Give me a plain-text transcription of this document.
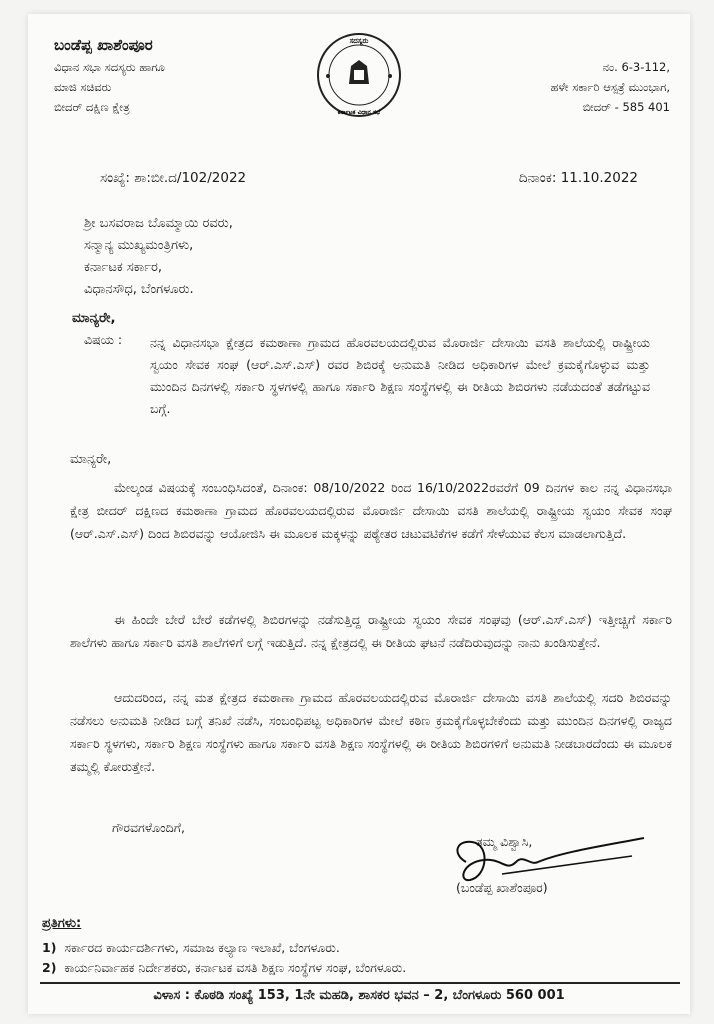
ಬಂಡೆಪ್ಪ ಖಾಶೆಂಪೂರ
ವಿಧಾನ ಸಭಾ ಸದಸ್ಯರು ಹಾಗೂ
ಮಾಜಿ ಸಚಿವರು
ಬೀದರ್ ದಕ್ಷಿಣ ಕ್ಷೇತ್ರ
ಸದಸ್ಯರು
ಕರ್ನಾಟಕ ವಿಧಾನ ಸಭೆ
ನಂ. 6-3-112,
ಹಳೇ ಸರ್ಕಾರಿ ಆಸ್ಪತ್ರೆ ಮುಂಭಾಗ,
ಬೀದರ್ - 585 401
ಸಂಖ್ಯೆ: ಶಾ:ಬೀ.ದ/102/2022	ದಿನಾಂಕ: 11.10.2022
ಶ್ರೀ ಬಸವರಾಜ ಬೊಮ್ಮಾಯಿ ರವರು,
ಸನ್ಮಾನ್ಯ ಮುಖ್ಯಮಂತ್ರಿಗಳು,
ಕರ್ನಾಟಕ ಸರ್ಕಾರ,
ವಿಧಾನಸೌಧ, ಬೆಂಗಳೂರು.
ಮಾನ್ಯರೇ,
ವಿಷಯ : ನನ್ನ ವಿಧಾನಸಭಾ ಕ್ಷೇತ್ರದ ಕಮಠಾಣಾ ಗ್ರಾಮದ ಹೊರವಲಯದಲ್ಲಿರುವ ಮೊರಾರ್ಜಿ ದೇಸಾಯಿ ವಸತಿ ಶಾಲೆಯಲ್ಲಿ ರಾಷ್ಟ್ರೀಯ ಸ್ವಯಂ ಸೇವಕ ಸಂಘ (ಆರ್.ಎಸ್.ಎಸ್) ರವರ ಶಿಬಿರಕ್ಕೆ ಅನುಮತಿ ನೀಡಿದ ಅಧಿಕಾರಿಗಳ ಮೇಲೆ ಕ್ರಮಕೈಗೊಳ್ಳುವ ಮತ್ತು ಮುಂದಿನ ದಿನಗಳಲ್ಲಿ ಸರ್ಕಾರಿ ಸ್ಥಳಗಳಲ್ಲಿ ಹಾಗೂ ಸರ್ಕಾರಿ ಶಿಕ್ಷಣ ಸಂಸ್ಥೆಗಳಲ್ಲಿ ಈ ರೀತಿಯ ಶಿಬಿರಗಳು ನಡೆಯದಂತೆ ತಡೆಗಟ್ಟುವ ಬಗ್ಗೆ.
ಮಾನ್ಯರೇ,
ಮೇಲ್ಕಂಡ ವಿಷಯಕ್ಕೆ ಸಂಬಂಧಿಸಿದಂತೆ, ದಿನಾಂಕ: 08/10/2022 ರಿಂದ 16/10/2022ರವರೆಗೆ 09 ದಿನಗಳ ಕಾಲ ನನ್ನ ವಿಧಾನಸಭಾ ಕ್ಷೇತ್ರ ಬೀದರ್ ದಕ್ಷಿಣದ ಕಮಠಾಣಾ ಗ್ರಾಮದ ಹೊರವಲಯದಲ್ಲಿರುವ ಮೊರಾರ್ಜಿ ದೇಸಾಯಿ ವಸತಿ ಶಾಲೆಯಲ್ಲಿ ರಾಷ್ಟ್ರೀಯ ಸ್ವಯಂ ಸೇವಕ ಸಂಘ (ಆರ್.ಎಸ್.ಎಸ್) ದಿಂದ ಶಿಬಿರವನ್ನು ಆಯೋಜಿಸಿ ಈ ಮೂಲಕ ಮಕ್ಕಳನ್ನು ಪಠ್ಯೇತರ ಚಟುವಟಿಕೆಗಳ ಕಡೆಗೆ ಸೇಳೆಯುವ ಕೆಲಸ ಮಾಡಲಾಗುತ್ತಿದೆ.
ಈ ಹಿಂದೇ ಬೇರೆ ಬೇರೆ ಕಡೆಗಳಲ್ಲಿ ಶಿಬಿರಗಳನ್ನು ನಡೆಸುತ್ತಿದ್ದ ರಾಷ್ಟ್ರೀಯ ಸ್ವಯಂ ಸೇವಕ ಸಂಘವು (ಆರ್.ಎಸ್.ಎಸ್) ಇತ್ತೀಚ್ಚಿಗೆ ಸರ್ಕಾರಿ ಶಾಲೆಗಳು ಹಾಗೂ ಸರ್ಕಾರಿ ವಸತಿ ಶಾಲೆಗಳಿಗೆ ಲಗ್ಗೆ ಇಡುತ್ತಿದೆ. ನನ್ನ ಕ್ಷೇತ್ರದಲ್ಲಿ ಈ ರೀತಿಯ ಘಟನೆ ನಡೆದಿರುವುದನ್ನು ನಾನು ಖಂಡಿಸುತ್ತೇನೆ.
ಆದುದರಿಂದ, ನನ್ನ ಮತ ಕ್ಷೇತ್ರದ ಕಮಠಾಣಾ ಗ್ರಾಮದ ಹೊರವಲಯದಲ್ಲಿರುವ ಮೊರಾರ್ಜಿ ದೇಸಾಯಿ ವಸತಿ ಶಾಲೆಯಲ್ಲಿ ಸದರಿ ಶಿಬಿರವನ್ನು ನಡೆಸಲು ಅನುಮತಿ ನೀಡಿದ ಬಗ್ಗೆ ತನಿಖೆ ನಡೆಸಿ, ಸಂಬಂಧಿಪಟ್ಟ ಅಧಿಕಾರಿಗಳ ಮೇಲೆ ಕಠಿಣ ಕ್ರಮಕೈಗೊಳ್ಳಬೇಕೆಂದು ಮತ್ತು ಮುಂದಿನ ದಿನಗಳಲ್ಲಿ ರಾಜ್ಯದ ಸರ್ಕಾರಿ ಸ್ಥಳಗಳು, ಸರ್ಕಾರಿ ಶಿಕ್ಷಣ ಸಂಸ್ಥೆಗಳು ಹಾಗೂ ಸರ್ಕಾರಿ ವಸತಿ ಶಿಕ್ಷಣ ಸಂಸ್ಥೆಗಳಲ್ಲಿ ಈ ರೀತಿಯ ಶಿಬಿರಗಳಿಗೆ ಅನುಮತಿ ನೀಡಬಾರದೆಂದು ಈ ಮೂಲಕ ತಮ್ಮಲ್ಲಿ ಕೋರುತ್ತೇನೆ.
ಗೌರವಗಳೊಂದಿಗೆ,
ತಮ್ಮ ವಿಶ್ವಾಸಿ,
(ಬಂಡೆಪ್ಪ ಖಾಶೆಂಪೂರ)
ಪ್ರತಿಗಳು:
1) ಸರ್ಕಾರದ ಕಾರ್ಯದರ್ಶಿಗಳು, ಸಮಾಜ ಕಲ್ಯಾಣ ಇಲಾಖೆ, ಬೆಂಗಳೂರು.
2) ಕಾರ್ಯನಿರ್ವಾಹಕ ನಿರ್ದೇಶಕರು, ಕರ್ನಾಟಕ ವಸತಿ ಶಿಕ್ಷಣ ಸಂಸ್ಥೆಗಳ ಸಂಘ, ಬೆಂಗಳೂರು.
ವಿಳಾಸ : ಕೊಠಡಿ ಸಂಖ್ಯೆ 153, 1ನೇ ಮಹಡಿ, ಶಾಸಕರ ಭವನ – 2, ಬೆಂಗಳೂರು 560 001
